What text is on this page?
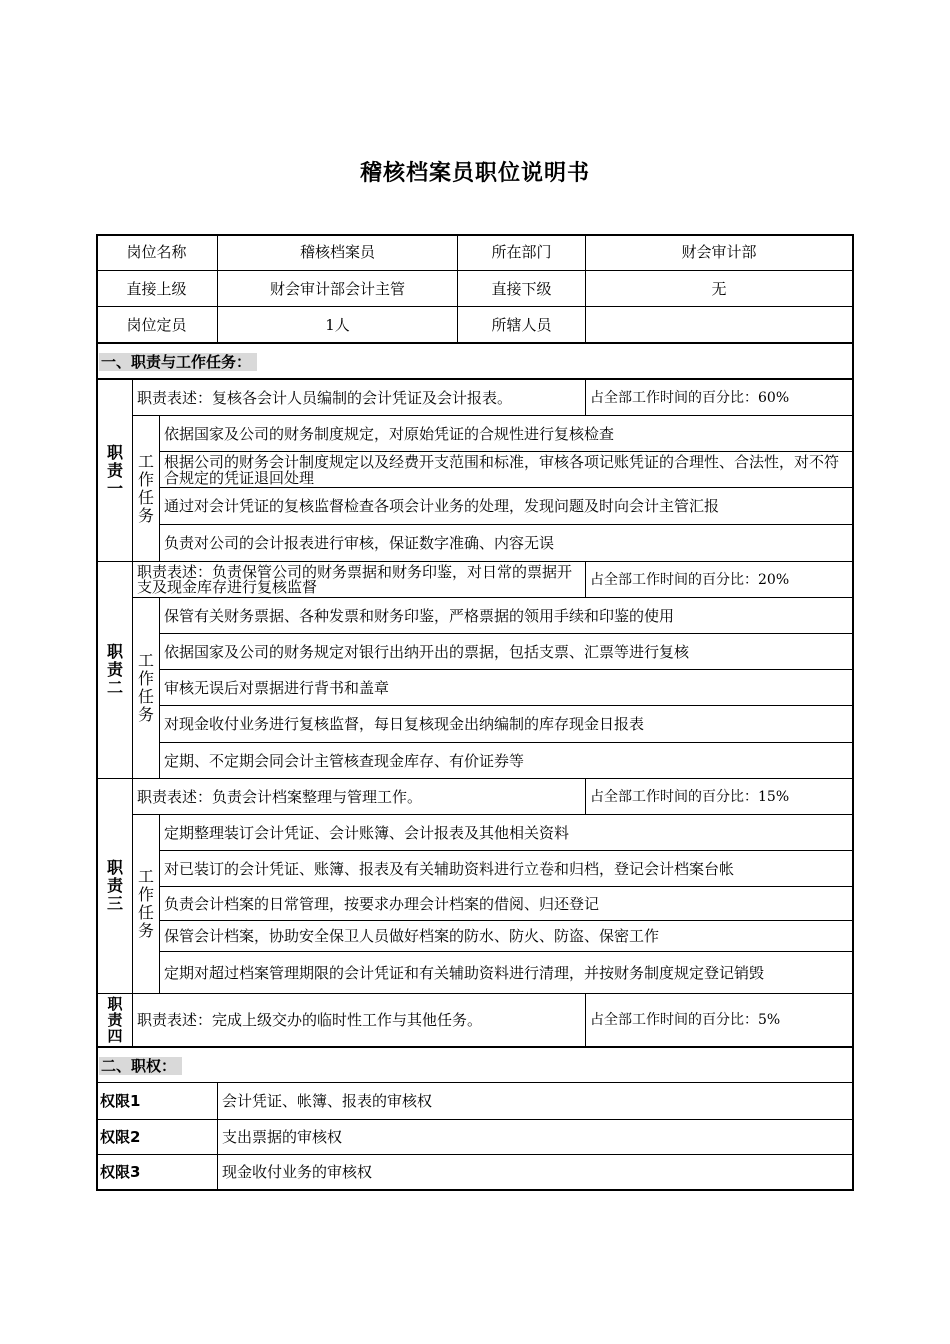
稽核档案员职位说明书
岗位名称	稽核档案员	所在部门	财会审计部
直接上级	财会审计部会计主管	直接下级	无
岗位定员	1人	所辖人员
一、职责与工作任务：
职
责
一
职责表述：复核各会计人员编制的会计凭证及会计报表。	占全部工作时间的百分比：60%
工
作
任
务
依据国家及公司的财务制度规定，对原始凭证的合规性进行复核检查
根据公司的财务会计制度规定以及经费开支范围和标准，审核各项记账凭证的合理性、合法性，对不符合规定的凭证退回处理
通过对会计凭证的复核监督检查各项会计业务的处理，发现问题及时向会计主管汇报
负责对公司的会计报表进行审核，保证数字准确、内容无误
职
责
二
职责表述：负责保管公司的财务票据和财务印鉴，对日常的票据开支及现金库存进行复核监督	占全部工作时间的百分比：20%
工
作
任
务
保管有关财务票据、各种发票和财务印鉴，严格票据的领用手续和印鉴的使用
依据国家及公司的财务规定对银行出纳开出的票据，包括支票、汇票等进行复核
审核无误后对票据进行背书和盖章
对现金收付业务进行复核监督，每日复核现金出纳编制的库存现金日报表
定期、不定期会同会计主管核查现金库存、有价证券等
职
责
三
职责表述：负责会计档案整理与管理工作。	占全部工作时间的百分比：15%
工
作
任
务
定期整理装订会计凭证、会计账簿、会计报表及其他相关资料
对已装订的会计凭证、账簿、报表及有关辅助资料进行立卷和归档，登记会计档案台帐
负责会计档案的日常管理，按要求办理会计档案的借阅、归还登记
保管会计档案，协助安全保卫人员做好档案的防水、防火、防盗、保密工作
定期对超过档案管理期限的会计凭证和有关辅助资料进行清理，并按财务制度规定登记销毁
职
责
四
职责表述：完成上级交办的临时性工作与其他任务。	占全部工作时间的百分比：5%
二、职权：
权限1	会计凭证、帐簿、报表的审核权
权限2	支出票据的审核权
权限3	现金收付业务的审核权
